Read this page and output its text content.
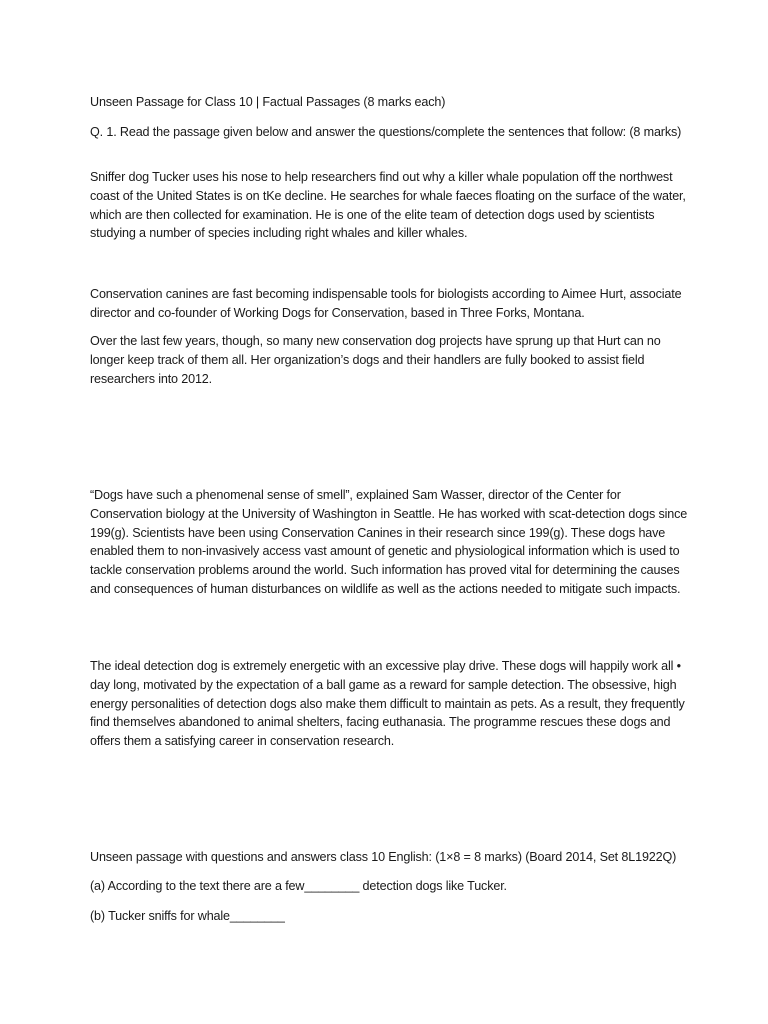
Unseen Passage for Class 10 | Factual Passages (8 marks each)

Q. 1. Read the passage given below and answer the questions/complete the sentences that follow: (8 marks)

Sniffer dog Tucker uses his nose to help researchers find out why a killer whale population off the northwest coast of the United States is on tKe decline. He searches for whale faeces floating on the surface of the water, which are then collected for examination. He is one of the elite team of detection dogs used by scientists studying a number of species including right whales and killer whales.

Conservation canines are fast becoming indispensable tools for biologists according to Aimee Hurt, associate director and co-founder of Working Dogs for Conservation, based in Three Forks, Montana.

Over the last few years, though, so many new conservation dog projects have sprung up that Hurt can no longer keep track of them all. Her organization’s dogs and their handlers are fully booked to assist field researchers into 2012.

“Dogs have such a phenomenal sense of smell”, explained Sam Wasser, director of the Center for Conservation biology at the University of Washington in Seattle. He has worked with scat-detection dogs since 199(g). Scientists have been using Conservation Canines in their research since 199(g). These dogs have enabled them to non-invasively access vast amount of genetic and physiological information which is used to tackle conservation problems around the world. Such information has proved vital for determining the causes and consequences of human disturbances on wildlife as well as the actions needed to mitigate such impacts.

The ideal detection dog is extremely energetic with an excessive play drive. These dogs will happily work all • day long, motivated by the expectation of a ball game as a reward for sample detection. The obsessive, high energy personalities of detection dogs also make them difficult to maintain as pets. As a result, they frequently find themselves abandoned to animal shelters, facing euthanasia. The programme rescues these dogs and offers them a satisfying career in conservation research.

Unseen passage with questions and answers class 10 English: (1×8 = 8 marks) (Board 2014, Set 8L1922Q)

(a) According to the text there are a few________ detection dogs like Tucker.

(b) Tucker sniffs for whale________
